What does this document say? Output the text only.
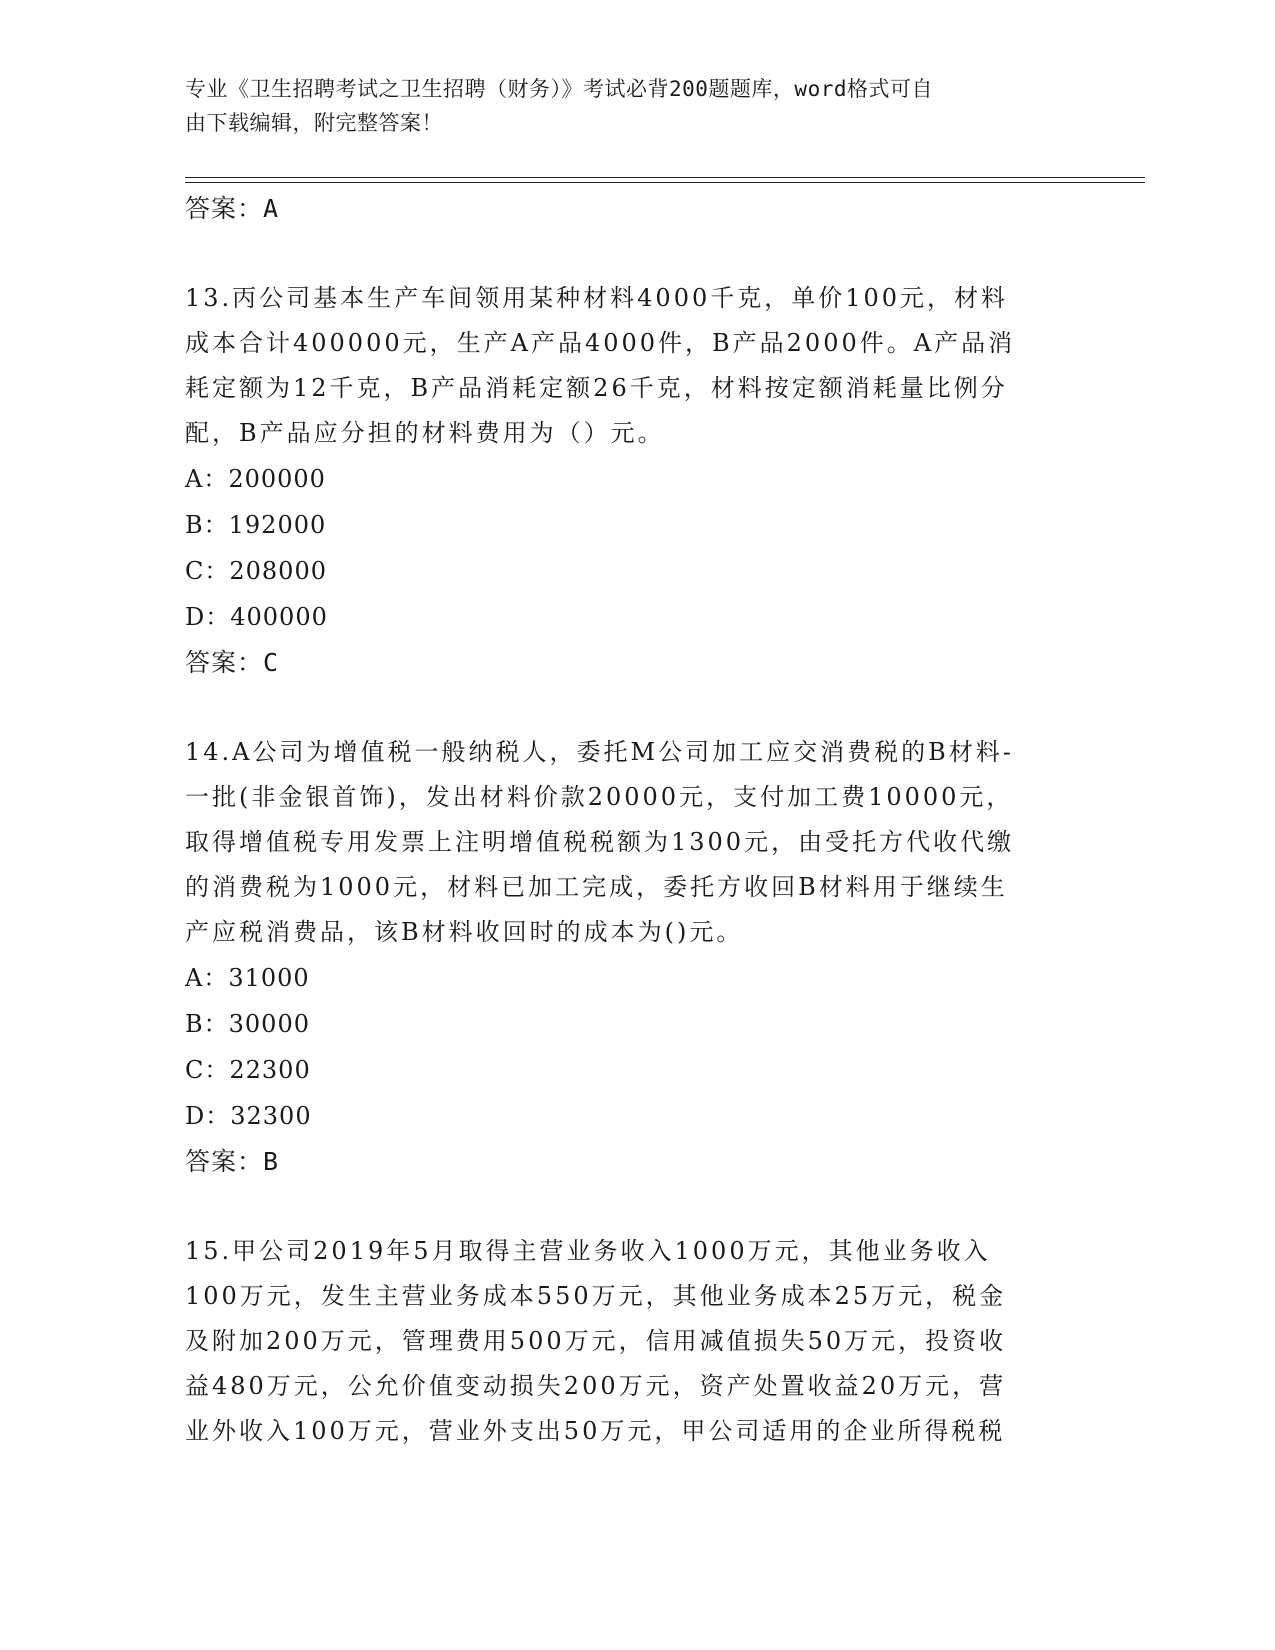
专业《卫生招聘考试之卫生招聘（财务）》考试必背200题题库，word格式可自
由下载编辑，附完整答案！
答案：A

13.丙公司基本生产车间领用某种材料4000千克，单价100元，材料

成本合计400000元，生产A产品4000件，B产品2000件。A产品消

耗定额为12千克，B产品消耗定额26千克，材料按定额消耗量比例分

配，B产品应分担的材料费用为（）元。

A：200000
B：192000
C：208000
D：400000
答案：C

14.A公司为增值税一般纳税人，委托M公司加工应交消费税的B材料-

一批(非金银首饰)，发出材料价款20000元，支付加工费10000元，

取得增值税专用发票上注明增值税税额为1300元，由受托方代收代缴

的消费税为1000元，材料已加工完成，委托方收回B材料用于继续生

产应税消费品，该B材料收回时的成本为()元。

A：31000
B：30000
C：22300
D：32300
答案：B

15.甲公司2019年5月取得主营业务收入1000万元，其他业务收入

100万元，发生主营业务成本550万元，其他业务成本25万元，税金

及附加200万元，管理费用500万元，信用减值损失50万元，投资收

益480万元，公允价值变动损失200万元，资产处置收益20万元，营

业外收入100万元，营业外支出50万元，甲公司适用的企业所得税税
